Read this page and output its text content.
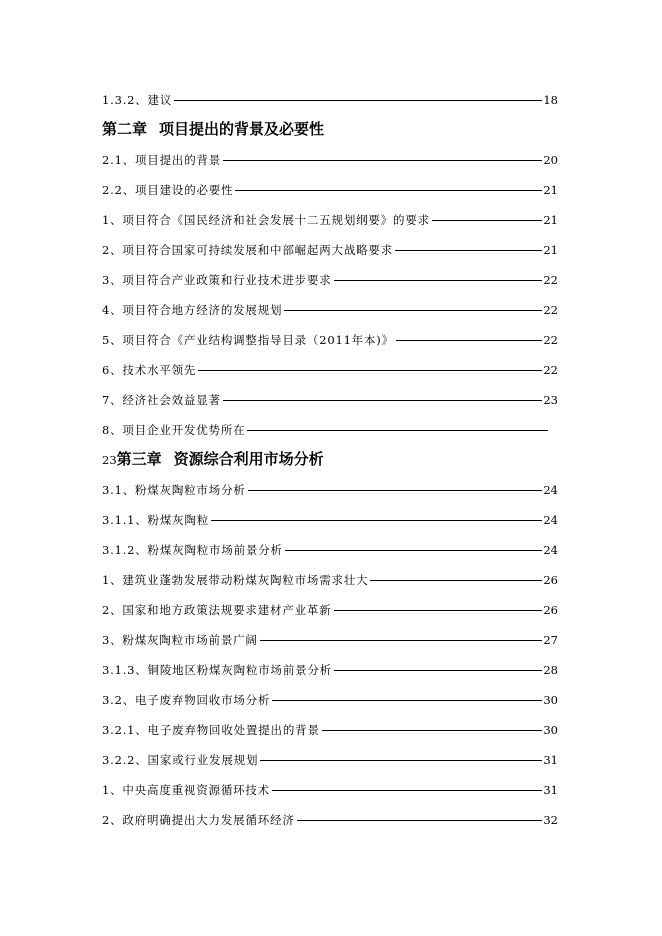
1.3.2、建议	18
第二章 项目提出的背景及必要性
2.1、项目提出的背景	20
2.2、项目建设的必要性	21
1、项目符合《国民经济和社会发展十二五规划纲要》的要求	21
2、项目符合国家可持续发展和中部崛起两大战略要求	21
3、项目符合产业政策和行业技术进步要求	22
4、项目符合地方经济的发展规划	22
5、项目符合《产业结构调整指导目录（2011年本)》	22
6、技术水平领先	22
7、经济社会效益显著	23
8、项目企业开发优势所在
23第三章 资源综合利用市场分析
3.1、粉煤灰陶粒市场分析	24
3.1.1、粉煤灰陶粒	24
3.1.2、粉煤灰陶粒市场前景分析	24
1、建筑业蓬勃发展带动粉煤灰陶粒市场需求壮大	26
2、国家和地方政策法规要求建材产业革新	26
3、粉煤灰陶粒市场前景广阔	27
3.1.3、铜陵地区粉煤灰陶粒市场前景分析	28
3.2、电子废弃物回收市场分析	30
3.2.1、电子废弃物回收处置提出的背景	30
3.2.2、国家或行业发展规划	31
1、中央高度重视资源循环技术	31
2、政府明确提出大力发展循环经济	32
